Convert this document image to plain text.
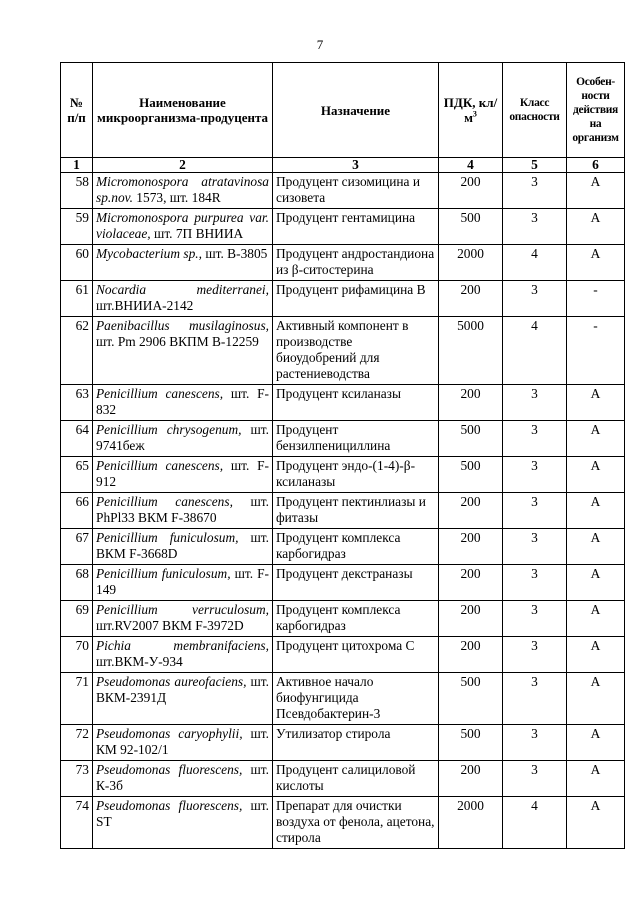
7
№ п/п	Наименование микроорганизма-продуцента	Назначение	ПДК, $кл/м^3$	Класс опасности	Особен-ности действия на организм
1	2	3	4	5	6
58	Micromonospora atratavinosa sp.nov. 1573, шт. 184R	Продуцент сизомицина и сизовета	200	3	А
59	Micromonospora purpurea var. violaceae, шт. 7П ВНИИА	Продуцент гентамицина	500	3	А
60	Mycobacterium sp., шт. В-3805	Продуцент андростандиона из β-ситостерина	2000	4	А
61	Nocardia mediterranei, шт.ВНИИА-2142	Продуцент рифамицина В	200	3	-
62	Paenibacillus musilaginosus, шт. Рm 2906 ВКПМ В-12259	Активный компонент в производстве биоудобрений для растениеводства	5000	4	-
63	Penicillium canescens, шт. F-832	Продуцент ксиланазы	200	3	А
64	Penicillium chrysogenum, шт. 9741беж	Продуцент бензилпенициллина	500	3	А
65	Penicillium canescens, шт. F-912	Продуцент эндо-(1-4)-β-ксиланазы	500	3	А
66	Penicillium canescens, шт. PhPl33 ВКМ F-38670	Продуцент пектинлиазы и фитазы	200	3	А
67	Penicillium funiculosum, шт. ВКМ F-3668D	Продуцент комплекса карбогидраз	200	3	А
68	Penicillium funiculosum, шт. F-149	Продуцент декстраназы	200	3	А
69	Penicillium verruculosum, шт.RV2007 ВКМ F-3972D	Продуцент комплекса карбогидраз	200	3	А
70	Pichia membranifaciens, шт.ВКМ-У-934	Продуцент цитохрома С	200	3	А
71	Pseudomonas aureofaciens, шт. ВКМ-2391Д	Активное начало биофунгицида Псевдобактерин-3	500	3	А
72	Pseudomonas caryophylii, шт. КМ 92-102/1	Утилизатор стирола	500	3	А
73	Pseudomonas fluorescens, шт. К-3б	Продуцент салициловой кислоты	200	3	А
74	Pseudomonas fluorescens, шт. ST	Препарат для очистки воздуха от фенола, ацетона, стирола	2000	4	А
